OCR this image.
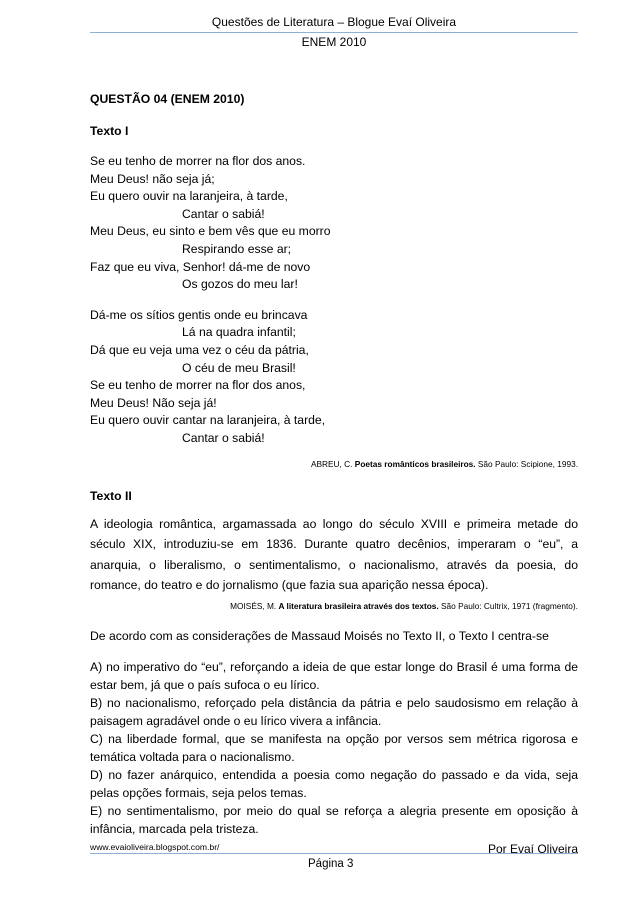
Questões de Literatura – Blogue Evaí Oliveira
ENEM 2010
QUESTÃO 04 (ENEM 2010)
Texto I
Se eu tenho de morrer na flor dos anos.
Meu Deus! não seja já;
Eu quero ouvir na laranjeira, à tarde,
Cantar o sabiá!
Meu Deus, eu sinto e bem vês que eu morro
Respirando esse ar;
Faz que eu viva, Senhor! dá-me de novo
Os gozos do meu lar!
Dá-me os sítios gentis onde eu brincava
Lá na quadra infantil;
Dá que eu veja uma vez o céu da pátria,
O céu de meu Brasil!
Se eu tenho de morrer na flor dos anos,
Meu Deus! Não seja já!
Eu quero ouvir cantar na laranjeira, à tarde,
Cantar o sabiá!
ABREU, C. Poetas românticos brasileiros. São Paulo: Scipione, 1993.
Texto II
A ideologia romântica, argamassada ao longo do século XVIII e primeira metade do século XIX, introduziu-se em 1836. Durante quatro decênios, imperaram o “eu”, a anarquia, o liberalismo, o sentimentalismo, o nacionalismo, através da poesia, do romance, do teatro e do jornalismo (que fazia sua aparição nessa época).
MOISÉS, M. A literatura brasileira através dos textos. São Paulo: Cultrix, 1971 (fragmento).
De acordo com as considerações de Massaud Moisés no Texto II, o Texto I centra-se
A) no imperativo do “eu”, reforçando a ideia de que estar longe do Brasil é uma forma de estar bem, já que o país sufoca o eu lírico.
B) no nacionalismo, reforçado pela distância da pátria e pelo saudosismo em relação à paisagem agradável onde o eu lírico vivera a infância.
C) na liberdade formal, que se manifesta na opção por versos sem métrica rigorosa e temática voltada para o nacionalismo.
D) no fazer anárquico, entendida a poesia como negação do passado e da vida, seja pelas opções formais, seja pelos temas.
E) no sentimentalismo, por meio do qual se reforça a alegria presente em oposição à infância, marcada pela tristeza.
www.evaioliveira.blogspot.com.br/
Página 3
Por Evaí Oliveira
